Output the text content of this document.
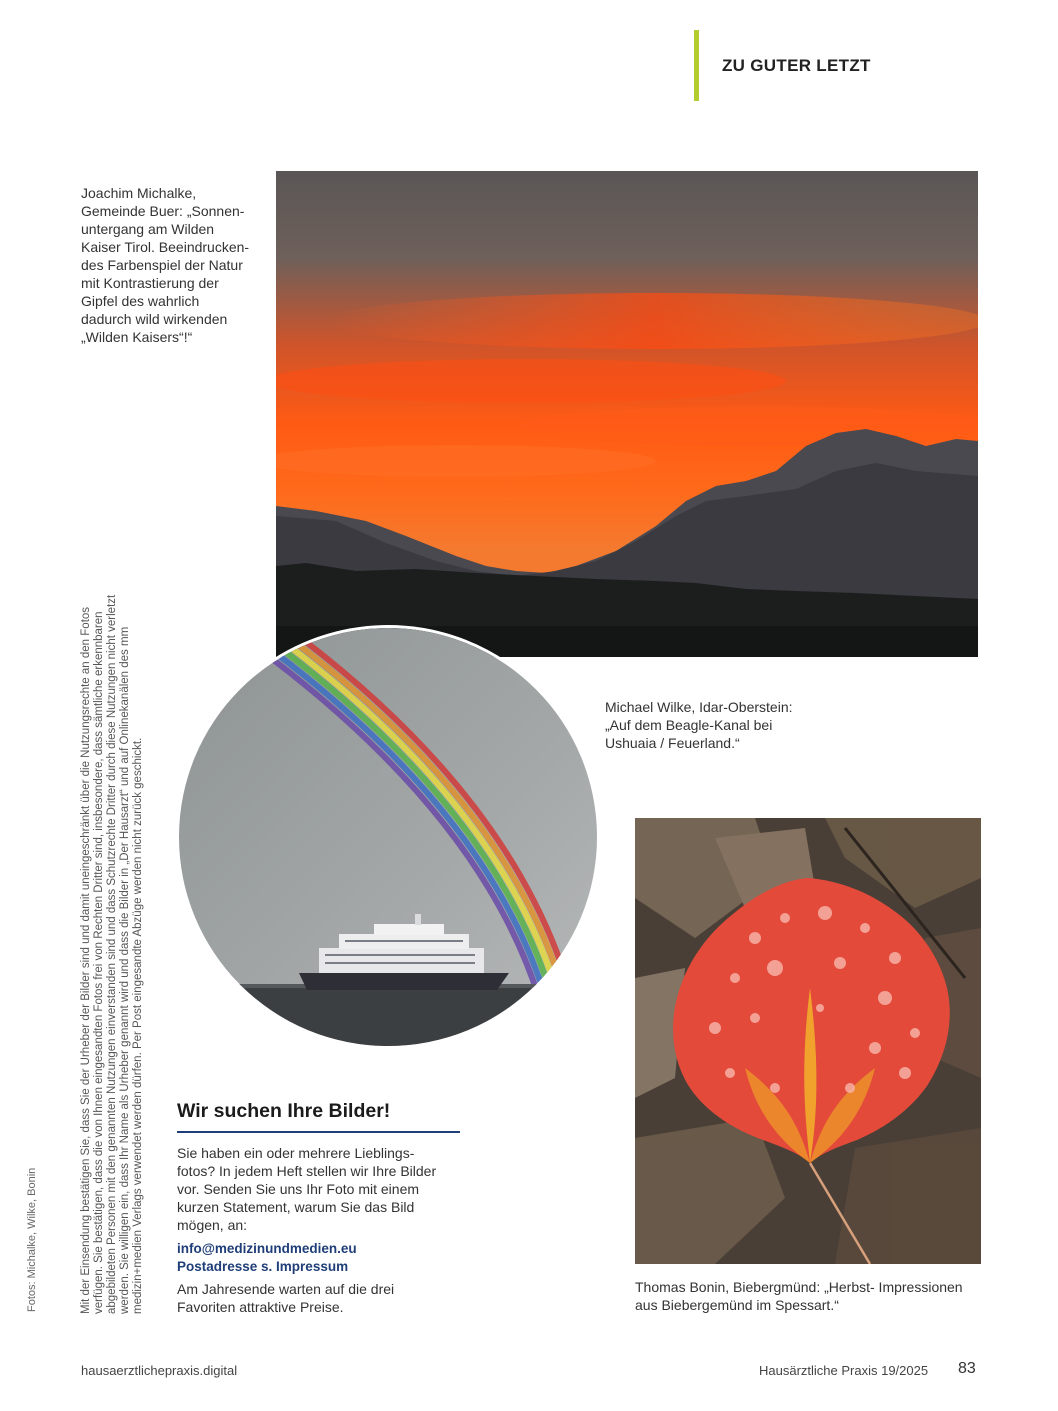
ZU GUTER LETZT
Joachim Michalke,
Gemeinde Buer: „Sonnen-
untergang am Wilden
Kaiser Tirol. Beeindrucken-
des Farbenspiel der Natur
mit Kontrastierung der
Gipfel des wahrlich
dadurch wild wirkenden
„Wilden Kaisers“!“
Michael Wilke, Idar-Oberstein:
„Auf dem Beagle-Kanal bei
Ushuaia / Feuerland.“
Thomas Bonin, Biebergmünd: „Herbst- Impressionen
aus Biebergemünd im Spessart.“
Fotos: Michalke, Wilke, Bonin	Mit der Einsendung bestätigen Sie, dass Sie der Urheber der Bilder sind und damit uneingeschränkt über die Nutzungsrechte an den Fotos verfügen. Sie bestätigen, dass die von Ihnen eingesandten Fotos frei von Rechten Dritter sind, insbesondere, dass sämtliche erkennbaren abgebildeten Personen mit den genannten Nutzungen einverstanden sind und dass Schutzrechte Dritter durch diese Nutzungen nicht verletzt werden. Sie willigen ein, dass Ihr Name als Urheber genannt wird und dass die Bilder in „Der Hausarzt“ und auf Onlinekanälen des mm medizin+medien Verlags verwendet werden dürfen. Per Post eingesandte Abzüge werden nicht zurück geschickt. Wir suchen Ihre Bilder!
Sie haben ein oder mehrere Lieblings-
fotos? In jedem Heft stellen wir Ihre Bilder
vor. Senden Sie uns Ihr Foto mit einem
kurzen Statement, warum Sie das Bild
mögen, an:
info@medizinundmedien.eu
Postadresse s. Impressum
Am Jahresende warten auf die drei
Favoriten attraktive Preise.
hausaerztlichepraxis.digital	Hausärztliche Praxis 19/2025 83
